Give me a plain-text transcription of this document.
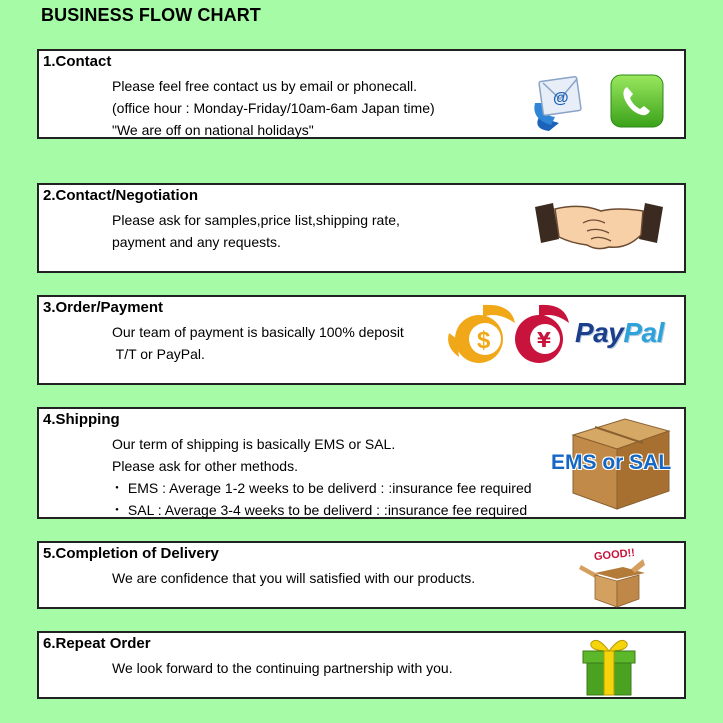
BUSINESS FLOW CHART
1.Contact
Please feel free contact us by email or phonecall.
(office hour : Monday-Friday/10am-6am Japan time)
"We are off on national holidays"
@
2.Contact/Negotiation
Please ask for samples,price list,shipping rate,
payment and any requests.
3.Order/Payment
Our team of payment is basically 100% deposit
T/T or PayPal.	$ ¥ PayPal
4.Shipping
Our term of shipping is basically EMS or SAL.
Please ask for other methods.
・ EMS : Average 1-2 weeks to be deliverd : :insurance fee required
・ SAL : Average 3-4 weeks to be deliverd : :insurance fee required
EMS or SAL
5.Completion of Delivery
We are confidence that you will satisfied with our products.
GOOD!!
6.Repeat Order
We look forward to the continuing partnership with you.
